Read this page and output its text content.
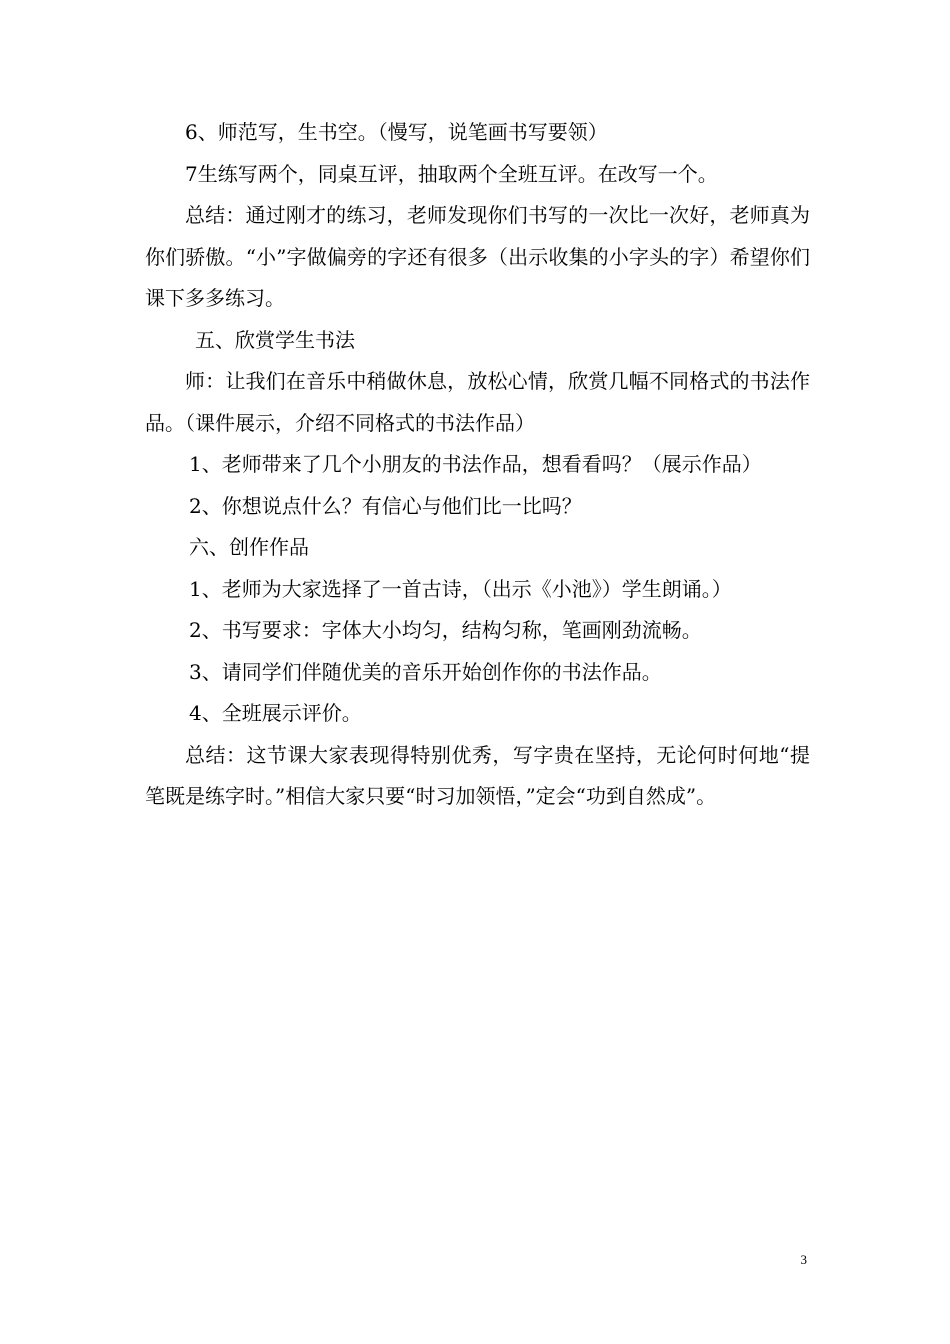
6、师范写，生书空。（慢写，说笔画书写要领）

7生练写两个，同桌互评，抽取两个全班互评。在改写一个。

总结：通过刚才的练习，老师发现你们书写的一次比一次好，老师真为你们骄傲。“小”字做偏旁的字还有很多（出示收集的小字头的字）希望你们课下多多练习。

五、欣赏学生书法

师：让我们在音乐中稍做休息，放松心情，欣赏几幅不同格式的书法作品。（课件展示，介绍不同格式的书法作品）

1、老师带来了几个小朋友的书法作品，想看看吗？（展示作品）

2、你想说点什么？有信心与他们比一比吗？

六、创作作品

1、老师为大家选择了一首古诗，（出示《小池》）学生朗诵。）

2、书写要求：字体大小均匀，结构匀称，笔画刚劲流畅。

3、请同学们伴随优美的音乐开始创作你的书法作品。

4、全班展示评价。

总结：这节课大家表现得特别优秀，写字贵在坚持，无论何时何地“提笔既是练字时。”相信大家只要“时习加领悟，”定会“功到自然成”。

3
